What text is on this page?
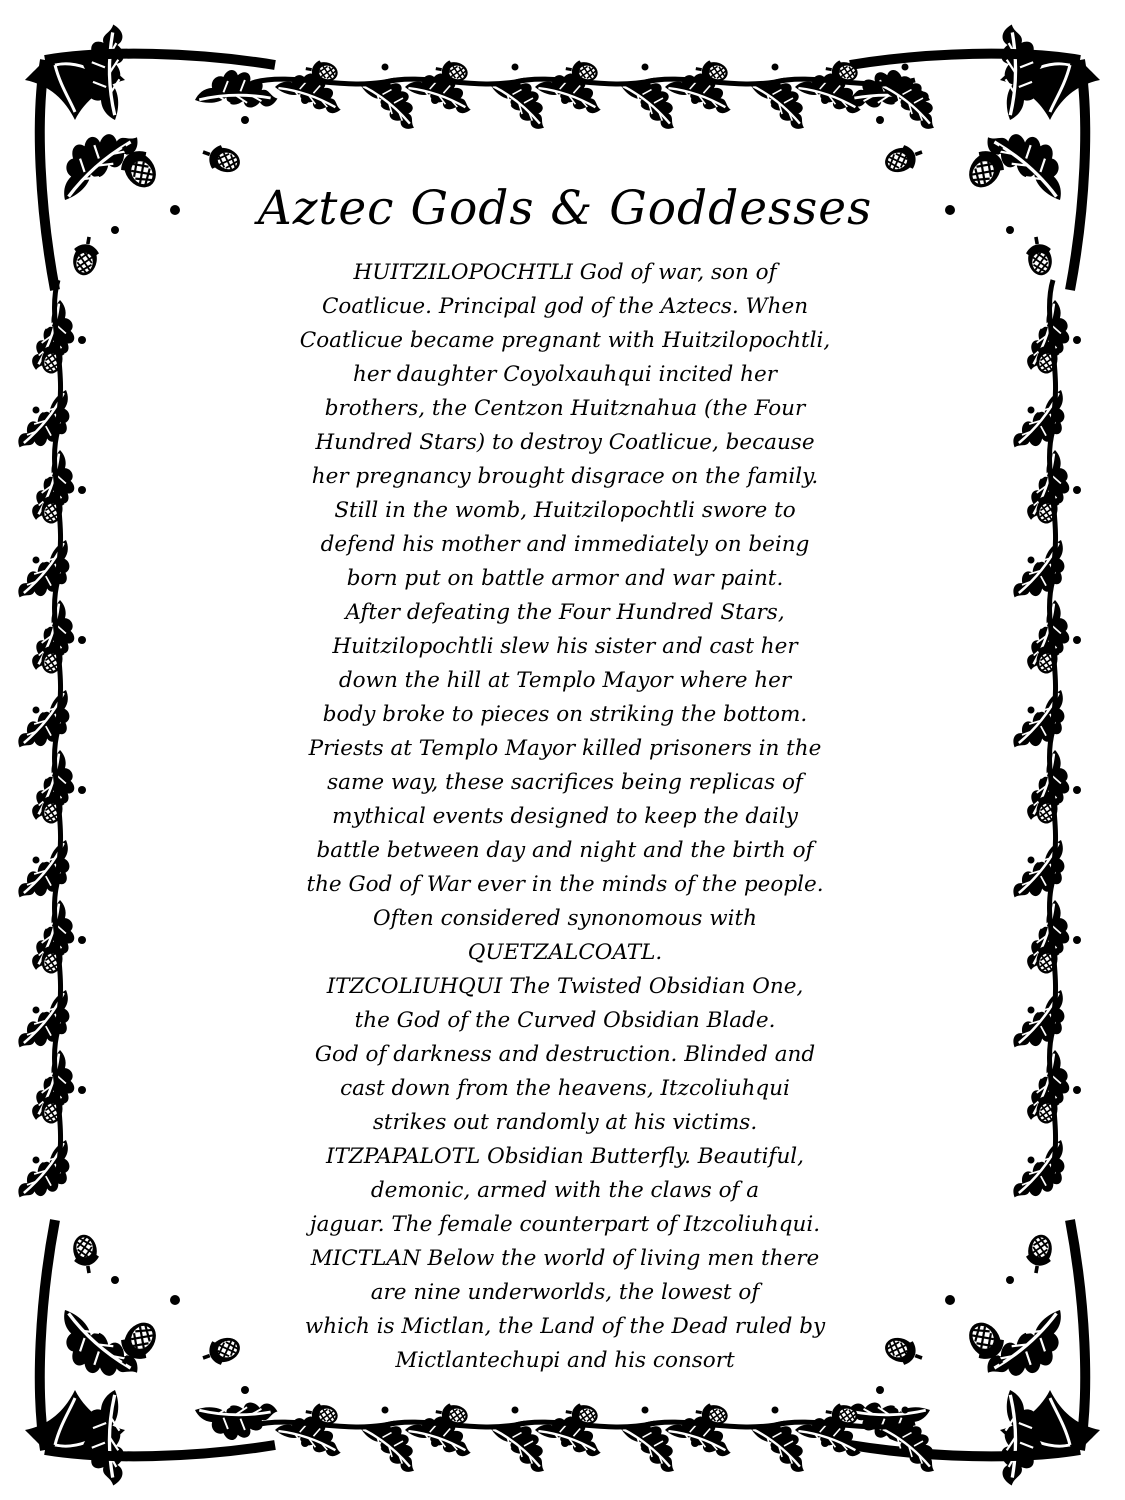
Aztec Gods & Goddesses
HUITZILOPOCHTLI God of war, son of
Coatlicue. Principal god of the Aztecs. When
Coatlicue became pregnant with Huitzilopochtli,
her daughter Coyolxauhqui incited her
brothers, the Centzon Huitznahua (the Four
Hundred Stars) to destroy Coatlicue, because
her pregnancy brought disgrace on the family.
Still in the womb, Huitzilopochtli swore to
defend his mother and immediately on being
born put on battle armor and war paint.
After defeating the Four Hundred Stars,
Huitzilopochtli slew his sister and cast her
down the hill at Templo Mayor where her
body broke to pieces on striking the bottom.
Priests at Templo Mayor killed prisoners in the
same way, these sacrifices being replicas of
mythical events designed to keep the daily
battle between day and night and the birth of
the God of War ever in the minds of the people.
Often considered synonomous with
QUETZALCOATL.
ITZCOLIUHQUI The Twisted Obsidian One,
the God of the Curved Obsidian Blade.
God of darkness and destruction. Blinded and
cast down from the heavens, Itzcoliuhqui
strikes out randomly at his victims.
ITZPAPALOTL Obsidian Butterfly. Beautiful,
demonic, armed with the claws of a
jaguar. The female counterpart of Itzcoliuhqui.
MICTLAN Below the world of living men there
are nine underworlds, the lowest of
which is Mictlan, the Land of the Dead ruled by
Mictlantechupi and his consort
